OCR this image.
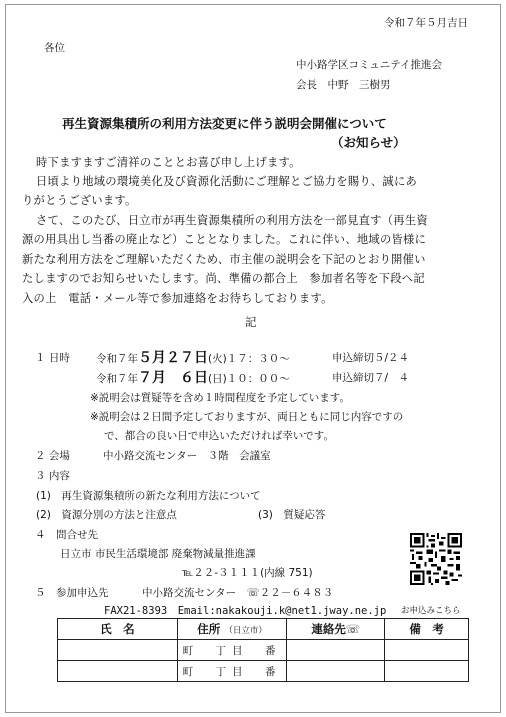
令和７年５月吉日
各位
中小路学区コミュニテイ推進会
会長　中野　三樹男
再生資源集積所の利用方法変更に伴う説明会開催について
（お知らせ）
時下ますますご清祥のこととお喜び申し上げます。
日頃より地域の環境美化及び資源化活動にご理解とご協力を賜り、誠にあ
りがとうございます。
さて、このたび、日立市が再生資源集積所の利用方法を一部見直す（再生資
源の用具出し当番の廃止など）こととなりました。これに伴い、地域の皆様に
新たな利用方法をご理解いただくため、市主催の説明会を下記のとおり開催い
たしますのでお知らせいたします。尚、準備の都合上　参加者名等を下段へ記
入の上　電話・メール等で参加連絡をお待ちしております。
記
１ 日時 令和７年５月２７日(火)１７：３０～	申込締切５/２４
令和７年７月　６日(日)１０：００～	申込締切７/　４
※説明会は質疑等を含め１時間程度を予定しています。
※説明会は２日間予定しておりますが、両日ともに同じ内容ですの
で、都合の良い日で申込いただければ幸いです。
２ 会場	中小路交流センター　３階　会議室
３ 内容
(1)　再生資源集積所の新たな利用方法について
(2)　資源分別の方法と注意点	(3)　質疑応答
４　問合せ先
日立市 市民生活環境部 廃棄物減量推進課
℡２２-３１１１(内線 751)
５　参加申込先	中小路交流センター　☏２２－６４８３
FAX21-8393　Email:nakakouji.k@net1.jway.ne.jp お申込みこちら
氏　名	住所 （日立市）	連絡先☏	備　考
	町　丁目　番		
	町　丁目　番		
